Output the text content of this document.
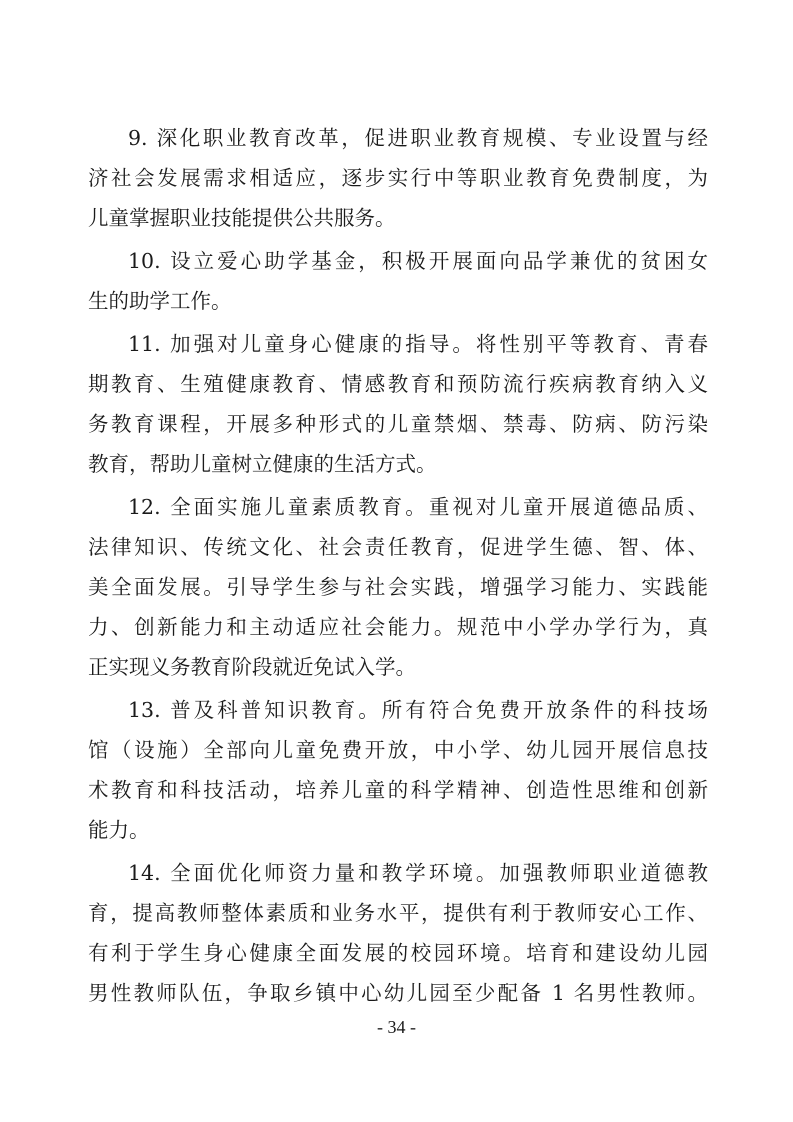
9. 深化职业教育改革，促进职业教育规模、专业设置与经
济社会发展需求相适应，逐步实行中等职业教育免费制度，为
儿童掌握职业技能提供公共服务。
10. 设立爱心助学基金，积极开展面向品学兼优的贫困女
生的助学工作。
11. 加强对儿童身心健康的指导。将性别平等教育、青春
期教育、生殖健康教育、情感教育和预防流行疾病教育纳入义
务教育课程，开展多种形式的儿童禁烟、禁毒、防病、防污染
教育，帮助儿童树立健康的生活方式。
12. 全面实施儿童素质教育。重视对儿童开展道德品质、
法律知识、传统文化、社会责任教育，促进学生德、智、体、
美全面发展。引导学生参与社会实践，增强学习能力、实践能
力、创新能力和主动适应社会能力。规范中小学办学行为，真
正实现义务教育阶段就近免试入学。
13. 普及科普知识教育。所有符合免费开放条件的科技场
馆（设施）全部向儿童免费开放，中小学、幼儿园开展信息技
术教育和科技活动，培养儿童的科学精神、创造性思维和创新
能力。
14. 全面优化师资力量和教学环境。加强教师职业道德教
育，提高教师整体素质和业务水平，提供有利于教师安心工作、
有利于学生身心健康全面发展的校园环境。培育和建设幼儿园
男性教师队伍，争取乡镇中心幼儿园至少配备 1 名男性教师。
- 34 -
